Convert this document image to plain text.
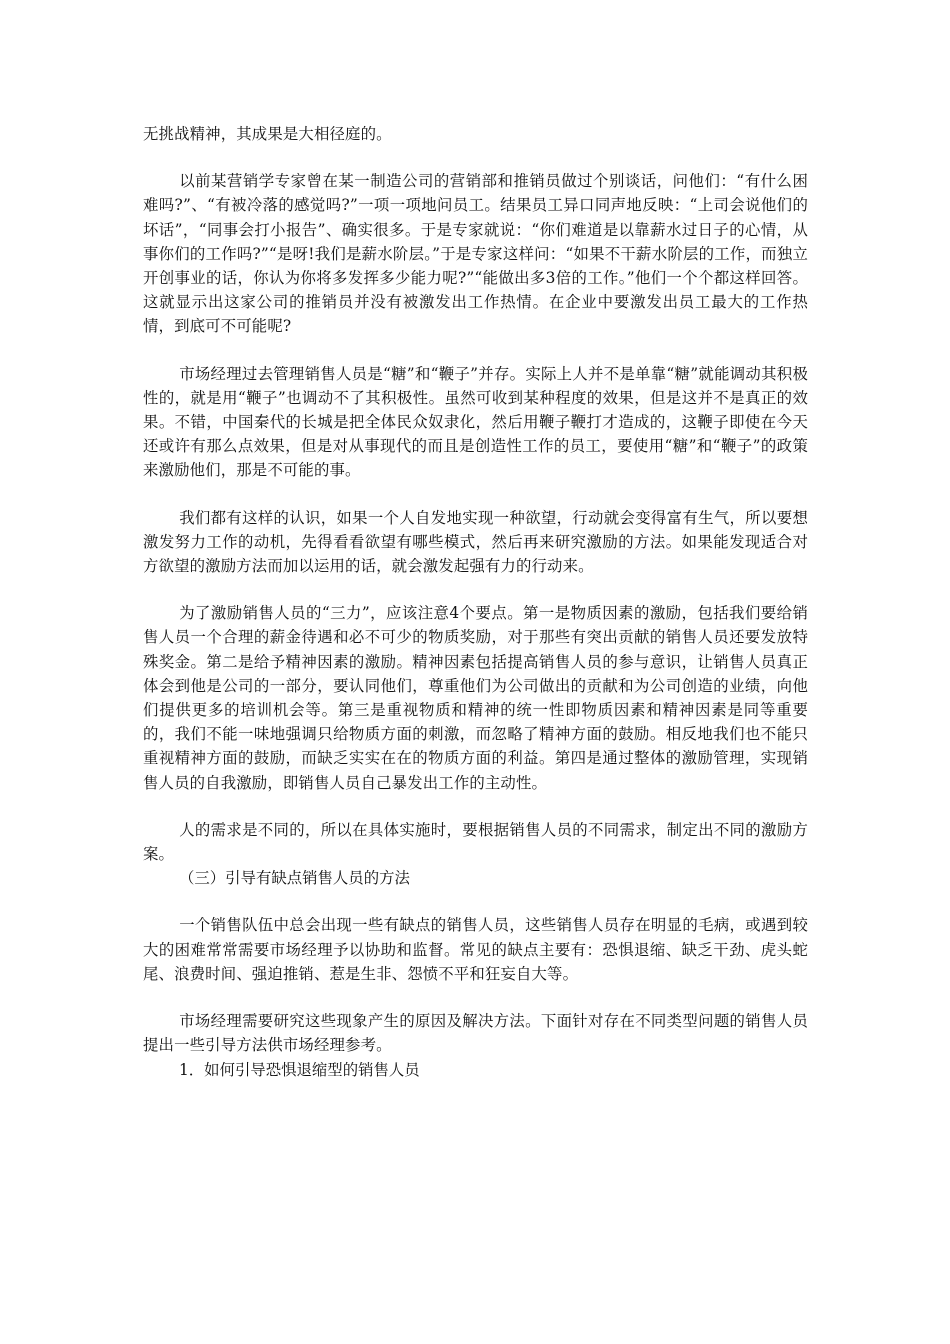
无挑战精神，其成果是大相径庭的。

以前某营销学专家曾在某一制造公司的营销部和推销员做过个别谈话，问他们：“有什么困难吗?”、“有被冷落的感觉吗?”一项一项地问员工。结果员工异口同声地反映：“上司会说他们的坏话”，“同事会打小报告”、确实很多。于是专家就说：“你们难道是以靠薪水过日子的心情，从事你们的工作吗?”“是呀!我们是薪水阶层。”于是专家这样问：“如果不干薪水阶层的工作，而独立开创事业的话，你认为你将多发挥多少能力呢?”“能做出多3倍的工作。”他们一个个都这样回答。这就显示出这家公司的推销员并没有被激发出工作热情。在企业中要激发出员工最大的工作热情，到底可不可能呢?

市场经理过去管理销售人员是“糖”和“鞭子”并存。实际上人并不是单靠“糖”就能调动其积极性的，就是用“鞭子”也调动不了其积极性。虽然可收到某种程度的效果，但是这并不是真正的效果。不错，中国秦代的长城是把全体民众奴隶化，然后用鞭子鞭打才造成的，这鞭子即使在今天还或许有那么点效果，但是对从事现代的而且是创造性工作的员工，要使用“糖”和“鞭子”的政策来激励他们，那是不可能的事。

我们都有这样的认识，如果一个人自发地实现一种欲望，行动就会变得富有生气，所以要想激发努力工作的动机，先得看看欲望有哪些模式，然后再来研究激励的方法。如果能发现适合对方欲望的激励方法而加以运用的话，就会激发起强有力的行动来。

为了激励销售人员的“三力”，应该注意4个要点。第一是物质因素的激励，包括我们要给销售人员一个合理的薪金待遇和必不可少的物质奖励，对于那些有突出贡献的销售人员还要发放特殊奖金。第二是给予精神因素的激励。精神因素包括提高销售人员的参与意识，让销售人员真正体会到他是公司的一部分，要认同他们，尊重他们为公司做出的贡献和为公司创造的业绩，向他们提供更多的培训机会等。第三是重视物质和精神的统一性即物质因素和精神因素是同等重要的，我们不能一味地强调只给物质方面的刺激，而忽略了精神方面的鼓励。相反地我们也不能只重视精神方面的鼓励，而缺乏实实在在的物质方面的利益。第四是通过整体的激励管理，实现销售人员的自我激励，即销售人员自己暴发出工作的主动性。

人的需求是不同的，所以在具体实施时，要根据销售人员的不同需求，制定出不同的激励方案。

（三）引导有缺点销售人员的方法

一个销售队伍中总会出现一些有缺点的销售人员，这些销售人员存在明显的毛病，或遇到较大的困难常常需要市场经理予以协助和监督。常见的缺点主要有：恐惧退缩、缺乏干劲、虎头蛇尾、浪费时间、强迫推销、惹是生非、怨愤不平和狂妄自大等。

市场经理需要研究这些现象产生的原因及解决方法。下面针对存在不同类型问题的销售人员提出一些引导方法供市场经理参考。

1．如何引导恐惧退缩型的销售人员
